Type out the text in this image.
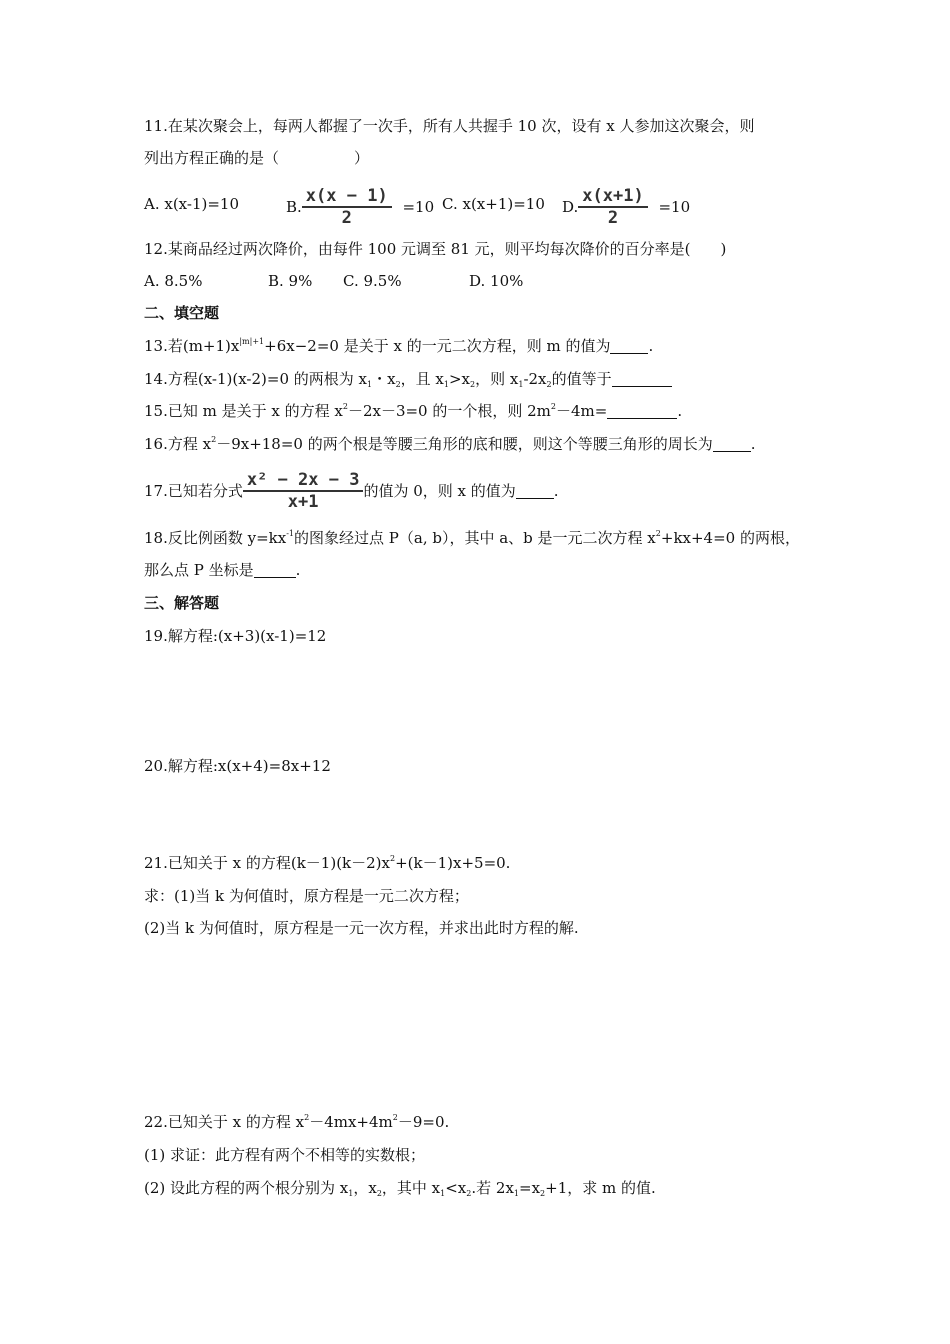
11.在某次聚会上，每两人都握了一次手，所有人共握手 10 次，设有 x 人参加这次聚会，则
列出方程正确的是（　　　　　）
A. x(x-1)=10	B. $\frac{x(x - 1)}{2} =10$ C. x(x+1)=10 D. $\frac{x(x+1)}{2} =10$
12.某商品经过两次降价，由每件 100 元调至 81 元，则平均每次降价的百分率是(　　)
A. 8.5%	B. 9% C. 9.5%	D. 10%
二、填空题
13.若$(m+1)x^{|m|+1}+6x-2=0$ 是关于 x 的一元二次方程，则 m 的值为	.
14.方程(x-1)(x-2)=0 的两根为 $x_1$・$x_2$，且 $x_1>x_2$，则 $x_1-2x_2$的值等于
15.已知 m 是关于 x 的方程 $x^2-2x-3=0$ 的一个根，则 $2m^2-4m=$	.
16.方程 $x^2-9x+18=0$ 的两个根是等腰三角形的底和腰，则这个等腰三角形的周长为	.
17.已知若分式 $\frac{\text{x² − 2x − 3}}{x+1}$ 的值为 0，则 x 的值为	.
18.反比例函数 $y=kx^{-1}$的图象经过点 P（a, b），其中 a、b 是一元二次方程 $x^2+kx+4=0$ 的两根，
那么点 P 坐标是	.
三、解答题
19.解方程:(x+3)(x-1)=12
20.解方程:x(x+4)=8x+12
21.已知关于 x 的方程$(k-1)(k-2)x^2+(k-1)x+5=0$.
求：(1)当 k 为何值时，原方程是一元二次方程；
(2)当 k 为何值时，原方程是一元一次方程，并求出此时方程的解.
22.已知关于 x 的方程 $x^2-4mx+4m^2-9=0$.
(1) 求证：此方程有两个不相等的实数根；
(2) 设此方程的两个根分别为 $x_1$，$x_2$，其中 $x_1<x_2$.若 $2x_1=x_2+1$，求 m 的值.
